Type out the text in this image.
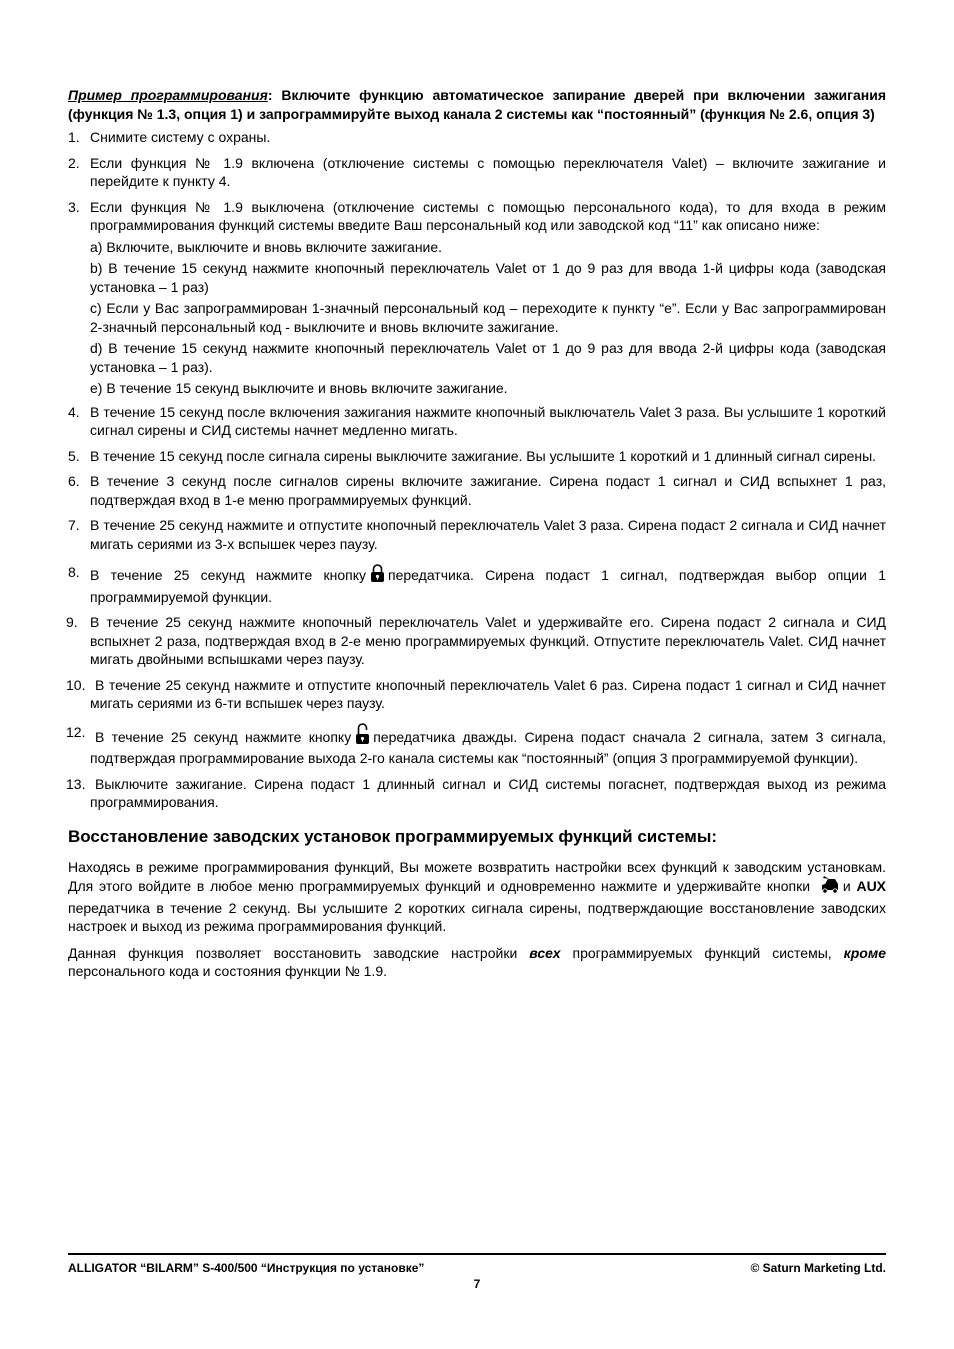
Пример программирования: Включите функцию автоматическое запирание дверей при включении зажигания (функция № 1.3, опция 1) и запрограммируйте выход канала 2 системы как “постоянный” (функция № 2.6, опция 3)
1. Снимите систему с охраны.
2. Если функция № 1.9 включена (отключение системы с помощью переключателя Valet) – включите зажигание и перейдите к пункту 4.
3. Если функция № 1.9 выключена (отключение системы с помощью персонального кода), то для входа в режим программирования функций системы введите Ваш персональный код или заводской код “11” как описано ниже:
a) Включите, выключите и вновь включите зажигание.
b) В течение 15 секунд нажмите кнопочный переключатель Valet от 1 до 9 раз для ввода 1-й цифры кода (заводская установка – 1 раз)
c) Если у Вас запрограммирован 1-значный персональный код – переходите к пункту “е”. Если у Вас запрограммирован 2-значный персональный код - выключите и вновь включите зажигание.
d) В течение 15 секунд нажмите кнопочный переключатель Valet от 1 до 9 раз для ввода 2-й цифры кода (заводская установка – 1 раз).
e) В течение 15 секунд выключите и вновь включите зажигание.
4. В течение 15 секунд после включения зажигания нажмите кнопочный выключатель Valet 3 раза. Вы услышите 1 короткий сигнал сирены и СИД системы начнет медленно мигать.
5. В течение 15 секунд после сигнала сирены выключите зажигание. Вы услышите 1 короткий и 1 длинный сигнал сирены.
6. В течение 3 секунд после сигналов сирены включите зажигание. Сирена подаст 1 сигнал и СИД вспыхнет 1 раз, подтверждая вход в 1-е меню программируемых функций.
7. В течение 25 секунд нажмите и отпустите кнопочный переключатель Valet 3 раза. Сирена подаст 2 сигнала и СИД начнет мигать сериями из 3-х вспышек через паузу.
8. В течение 25 секунд нажмите кнопку передатчика. Сирена подаст 1 сигнал, подтверждая выбор опции 1 программируемой функции.
9. В течение 25 секунд нажмите кнопочный переключатель Valet и удерживайте его. Сирена подаст 2 сигнала и СИД вспыхнет 2 раза, подтверждая вход в 2-е меню программируемых функций. Отпустите переключатель Valet. СИД начнет мигать двойными вспышками через паузу.
10. В течение 25 секунд нажмите и отпустите кнопочный переключатель Valet 6 раз. Сирена подаст 1 сигнал и СИД начнет мигать сериями из 6-ти вспышек через паузу.
12. В течение 25 секунд нажмите кнопку передатчика дважды. Сирена подаст сначала 2 сигнала, затем 3 сигнала, подтверждая программирование выхода 2-го канала системы как “постоянный” (опция 3 программируемой функции).
13. Выключите зажигание. Сирена подаст 1 длинный сигнал и СИД системы погаснет, подтверждая выход из режима программирования.
Восстановление заводских установок программируемых функций системы:
Находясь в режиме программирования функций, Вы можете возвратить настройки всех функций к заводским установкам. Для этого войдите в любое меню программируемых функций и одновременно нажмите и удерживайте кнопки и AUX передатчика в течение 2 секунд. Вы услышите 2 коротких сигнала сирены, подтверждающие восстановление заводских настроек и выход из режима программирования функций.
Данная функция позволяет восстановить заводские настройки всех программируемых функций системы, кроме персонального кода и состояния функции № 1.9.
ALLIGATOR “BILARM” S-400/500 “Инструкция по установке”	© Saturn Marketing Ltd.
7
